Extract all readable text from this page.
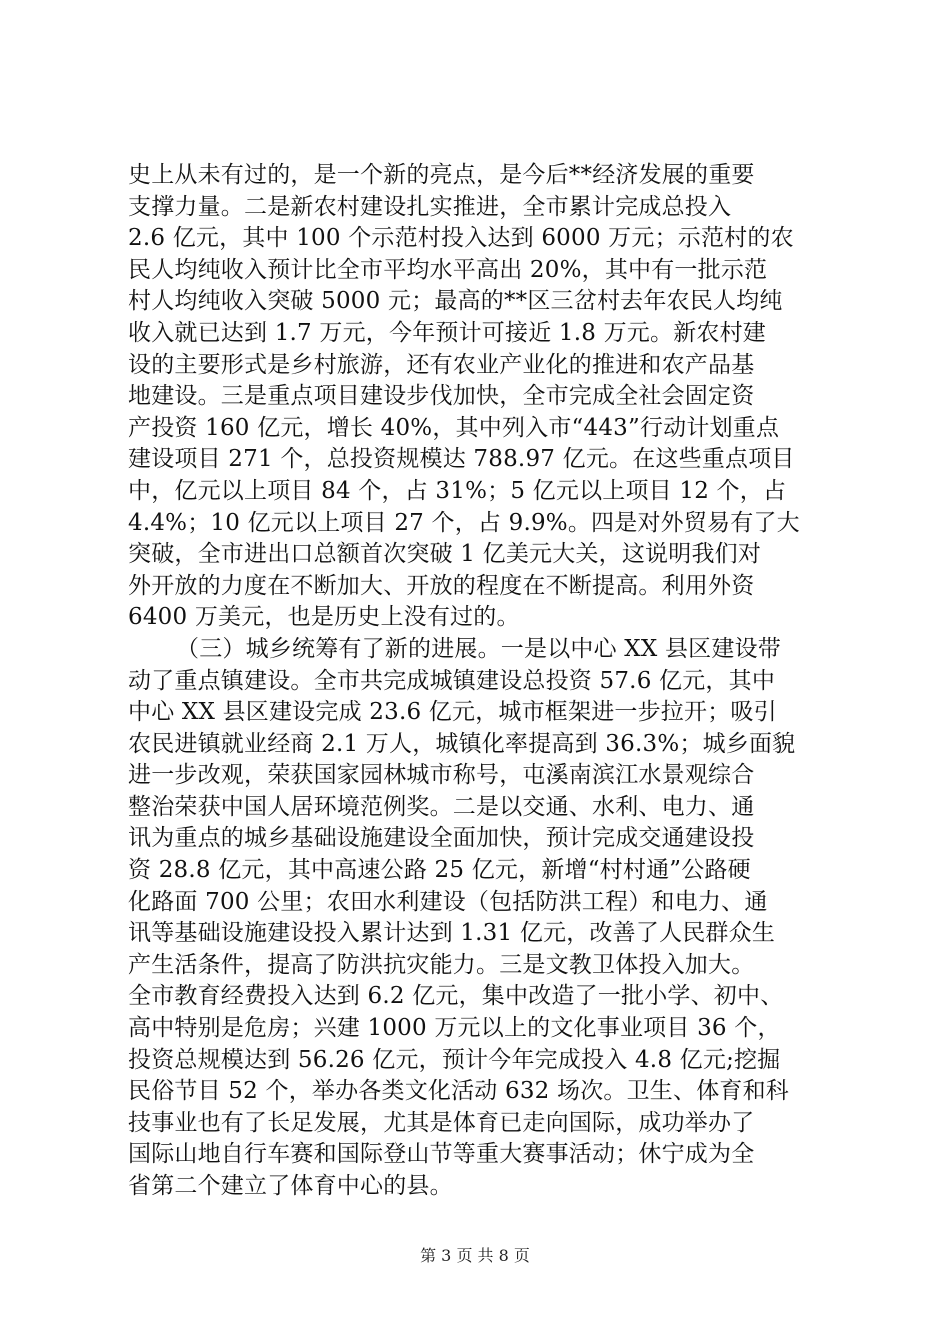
史上从未有过的，是一个新的亮点，是今后**经济发展的重要
支撑力量。二是新农村建设扎实推进，全市累计完成总投入
2.6 亿元，其中 100 个示范村投入达到 6000 万元；示范村的农
民人均纯收入预计比全市平均水平高出 20%，其中有一批示范
村人均纯收入突破 5000 元；最高的**区三岔村去年农民人均纯
收入就已达到 1.7 万元，今年预计可接近 1.8 万元。新农村建
设的主要形式是乡村旅游，还有农业产业化的推进和农产品基
地建设。三是重点项目建设步伐加快，全市完成全社会固定资
产投资 160 亿元，增长 40%，其中列入市“443”行动计划重点
建设项目 271 个，总投资规模达 788.97 亿元。在这些重点项目
中，亿元以上项目 84 个，占 31%；5 亿元以上项目 12 个，占
4.4%；10 亿元以上项目 27 个，占 9.9%。四是对外贸易有了大
突破，全市进出口总额首次突破 1 亿美元大关，这说明我们对
外开放的力度在不断加大、开放的程度在不断提高。利用外资
6400 万美元，也是历史上没有过的。
（三）城乡统筹有了新的进展。一是以中心 XX 县区建设带
动了重点镇建设。全市共完成城镇建设总投资 57.6 亿元，其中
中心 XX 县区建设完成 23.6 亿元，城市框架进一步拉开；吸引
农民进镇就业经商 2.1 万人，城镇化率提高到 36.3%；城乡面貌
进一步改观，荣获国家园林城市称号，屯溪南滨江水景观综合
整治荣获中国人居环境范例奖。二是以交通、水利、电力、通
讯为重点的城乡基础设施建设全面加快，预计完成交通建设投
资 28.8 亿元，其中高速公路 25 亿元，新增“村村通”公路硬
化路面 700 公里；农田水利建设（包括防洪工程）和电力、通
讯等基础设施建设投入累计达到 1.31 亿元，改善了人民群众生
产生活条件，提高了防洪抗灾能力。三是文教卫体投入加大。
全市教育经费投入达到 6.2 亿元，集中改造了一批小学、初中、
高中特别是危房；兴建 1000 万元以上的文化事业项目 36 个，
投资总规模达到 56.26 亿元，预计今年完成投入 4.8 亿元;挖掘
民俗节目 52 个，举办各类文化活动 632 场次。卫生、体育和科
技事业也有了长足发展，尤其是体育已走向国际，成功举办了
国际山地自行车赛和国际登山节等重大赛事活动；休宁成为全
省第二个建立了体育中心的县。
第 3 页 共 8 页
